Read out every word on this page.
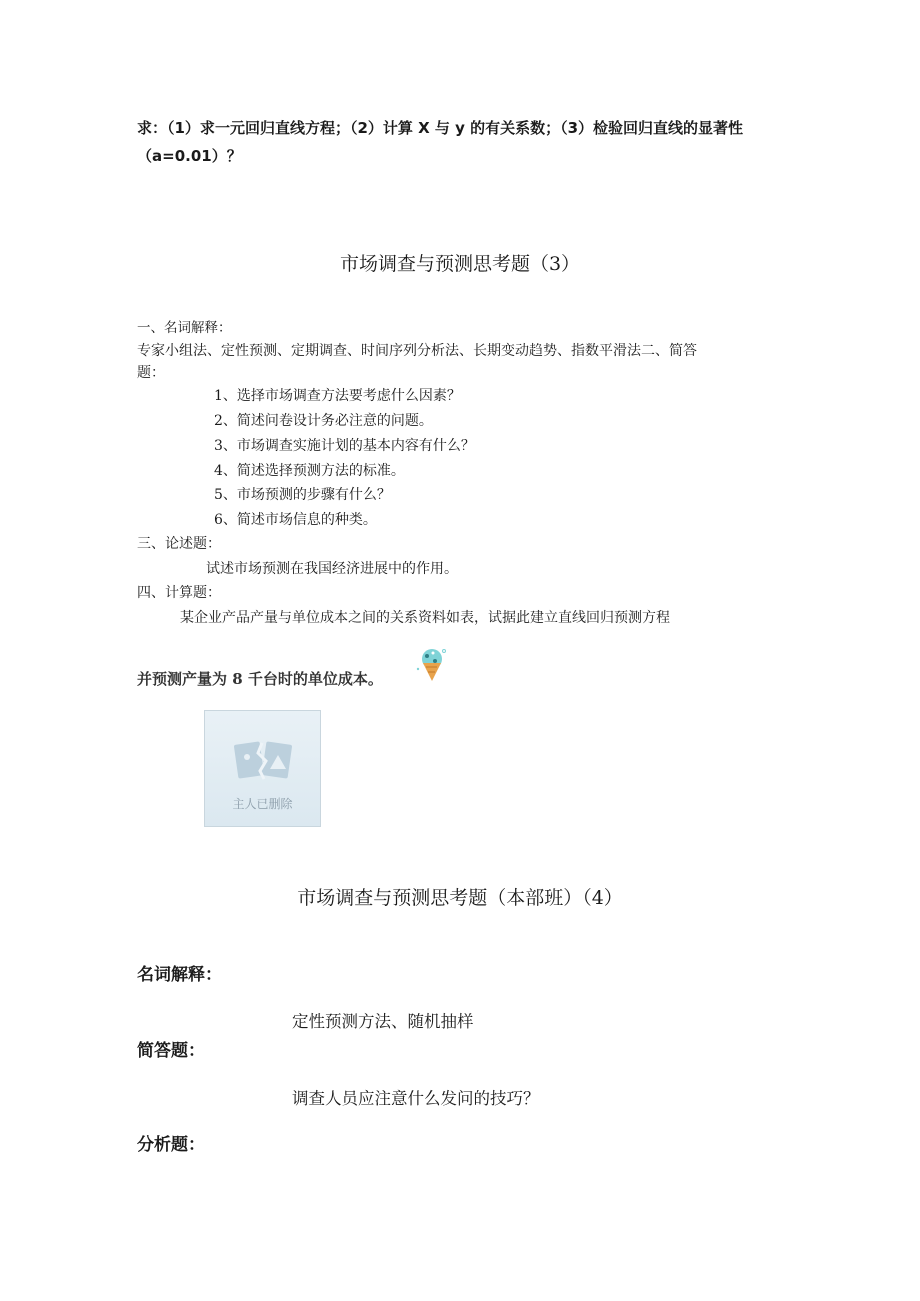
求：（1）求一元回归直线方程；（2）计算 X 与 y 的有关系数；（3）检验回归直线的显著性
（a=0.01）？
市场调查与预测思考题（3）
一、名词解释：
专家小组法、定性预测、定期调查、时间序列分析法、长期变动趋势、指数平滑法二、简答
题：
1、选择市场调查方法要考虑什么因素？
2、简述问卷设计务必注意的问题。
3、市场调查实施计划的基本内容有什么？
4、简述选择预测方法的标准。
5、市场预测的步骤有什么？
6、简述市场信息的种类。
三、论述题：
试述市场预测在我国经济进展中的作用。
四、计算题：
某企业产品产量与单位成本之间的关系资料如表，试据此建立直线回归预测方程
并预测产量为 8 千台时的单位成本。
主人已删除
市场调查与预测思考题（本部班）（4）
名词解释：
定性预测方法、随机抽样
简答题：
调查人员应注意什么发问的技巧？
分析题：
